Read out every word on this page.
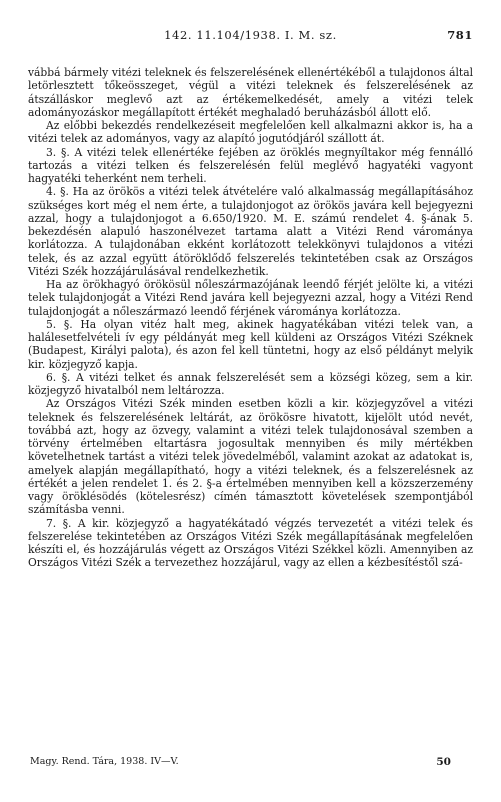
142. 11.104/1938. I. M. sz.	781

vábbá bármely vitézi teleknek és felszerelésének ellenértékéből a tulajdonos által letörlesztett tőkeösszeget, végül a vitézi teleknek és felszerelésének az átszálláskor meglevő azt az értékemelkedését, amely a vitézi telek adományozáskor megállapított értékét meghaladó beruházásból állott elő.

Az előbbi bekezdés rendelkezéseit megfelelően kell alkalmazni akkor is, ha a vitézi telek az adományos, vagy az alapító jogutódjáról szállott át.

3. §. A vitézi telek ellenértéke fejében az öröklés megnyíltakor még fennálló tartozás a vitézi telken és felszerelésén felül meglévő hagyatéki vagyont hagyatéki teherként nem terheli.

4. §. Ha az örökös a vitézi telek átvételére való alkalmasság megállapításához szükséges kort még el nem érte, a tulajdonjogot az örökös javára kell bejegyezni azzal, hogy a tulajdonjogot a 6.650/1920. M. E. számú rendelet 4. §-ának 5. bekezdésén alapuló haszonélvezet tartama alatt a Vitézi Rend várománya korlátozza. A tulajdonában ekként korlátozott telekkönyvi tulajdonos a vitézi telek, és az azzal együtt átöröklődő felszerelés tekintetében csak az Országos Vitézi Szék hozzájárulásával rendelkezhetik.

Ha az örökhagyó örökösül nőleszármazójának leendő férjét jelölte ki, a vitézi telek tulajdonjogát a Vitézi Rend javára kell bejegyezni azzal, hogy a Vitézi Rend tulajdonjogát a nőleszármazó leendő férjének várománya korlátozza.

5. §. Ha olyan vitéz halt meg, akinek hagyatékában vitézi telek van, a halálesetfelvételi ív egy példányát meg kell küldeni az Országos Vitézi Széknek (Budapest, Királyi palota), és azon fel kell tüntetni, hogy az első példányt melyik kir. közjegyző kapja.

6. §. A vitézi telket és annak felszerelését sem a községi közeg, sem a kir. közjegyző hivatalból nem leltározza.

Az Országos Vitézi Szék minden esetben közli a kir. közjegyzővel a vitézi teleknek és felszerelésének leltárát, az örökösre hivatott, kijelölt utód nevét, továbbá azt, hogy az özvegy, valamint a vitézi telek tulajdonosával szemben a törvény értelmében eltartásra jogosultak mennyiben és mily mértékben követelhetnek tartást a vitézi telek jövedelméből, valamint azokat az adatokat is, amelyek alapján megállapítható, hogy a vitézi teleknek, és a felszerelésnek az értékét a jelen rendelet 1. és 2. §-a értelmében mennyiben kell a közszerzemény vagy öröklésödés (kötelesrész) címén támasztott követelések szempontjából számításba venni.

7. §. A kir. közjegyző a hagyatékátadó végzés tervezetét a vitézi telek és felszerelése tekintetében az Országos Vitézi Szék megállapításának megfelelően készíti el, és hozzájárulás végett az Országos Vitézi Székkel közli. Amennyiben az Országos Vitézi Szék a tervezethez hozzájárul, vagy az ellen a kézbesítéstől szá-

Magy. Rend. Tára, 1938. IV—V.	50
